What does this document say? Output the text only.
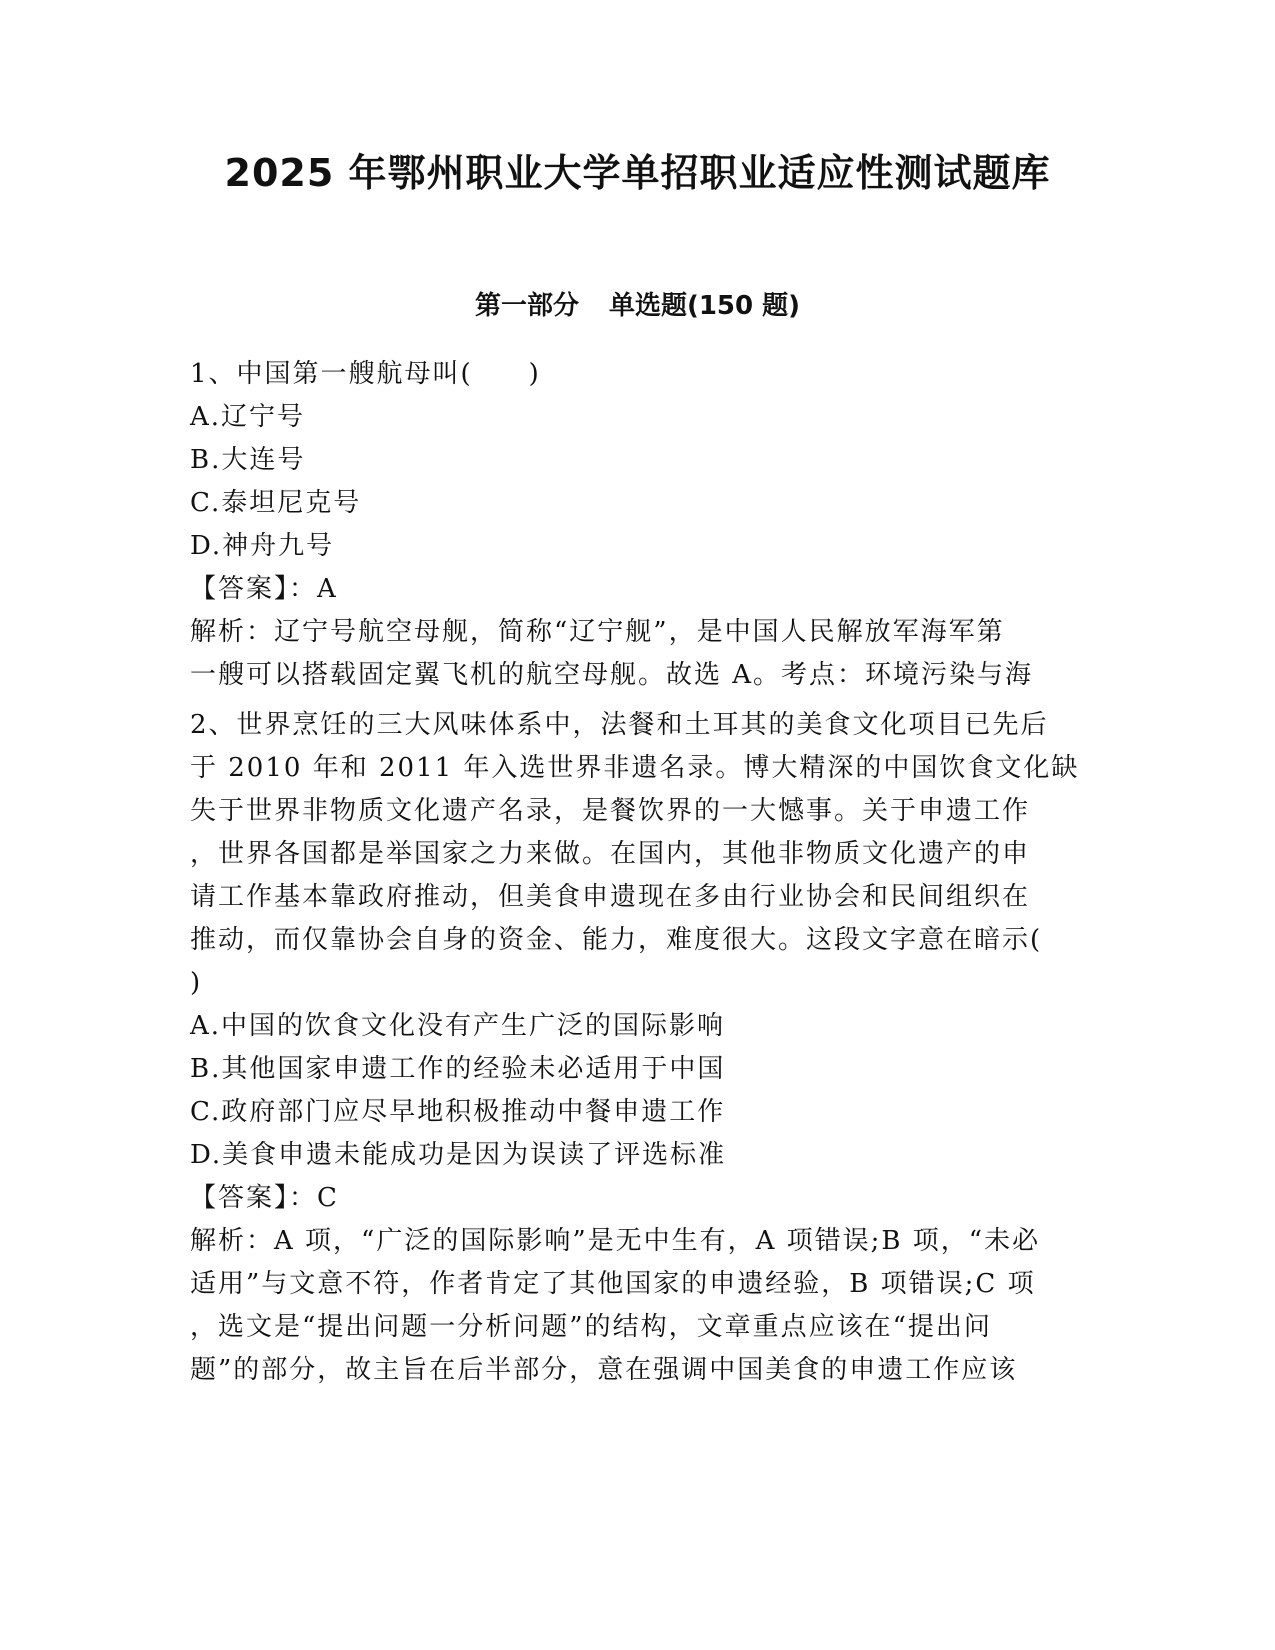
2025 年鄂州职业大学单招职业适应性测试题库
第一部分 单选题(150 题)
1、中国第一艘航母叫(　　)
A.辽宁号
B.大连号
C.泰坦尼克号
D.神舟九号
【答案】：A
解析：辽宁号航空母舰，简称“辽宁舰”，是中国人民解放军海军第
一艘可以搭载固定翼飞机的航空母舰。故选 A。考点：环境污染与海
2、世界烹饪的三大风味体系中，法餐和土耳其的美食文化项目已先后
于 2010 年和 2011 年入选世界非遗名录。博大精深的中国饮食文化缺
失于世界非物质文化遗产名录，是餐饮界的一大憾事。关于申遗工作
，世界各国都是举国家之力来做。在国内，其他非物质文化遗产的申
请工作基本靠政府推动，但美食申遗现在多由行业协会和民间组织在
推动，而仅靠协会自身的资金、能力，难度很大。这段文字意在暗示(
)
A.中国的饮食文化没有产生广泛的国际影响
B.其他国家申遗工作的经验未必适用于中国
C.政府部门应尽早地积极推动中餐申遗工作
D.美食申遗未能成功是因为误读了评选标准
【答案】：C
解析：A 项，“广泛的国际影响”是无中生有，A 项错误;B 项，“未必
适用”与文意不符，作者肯定了其他国家的申遗经验，B 项错误;C 项
，选文是“提出问题一分析问题”的结构，文章重点应该在“提出问
题”的部分，故主旨在后半部分，意在强调中国美食的申遗工作应该
